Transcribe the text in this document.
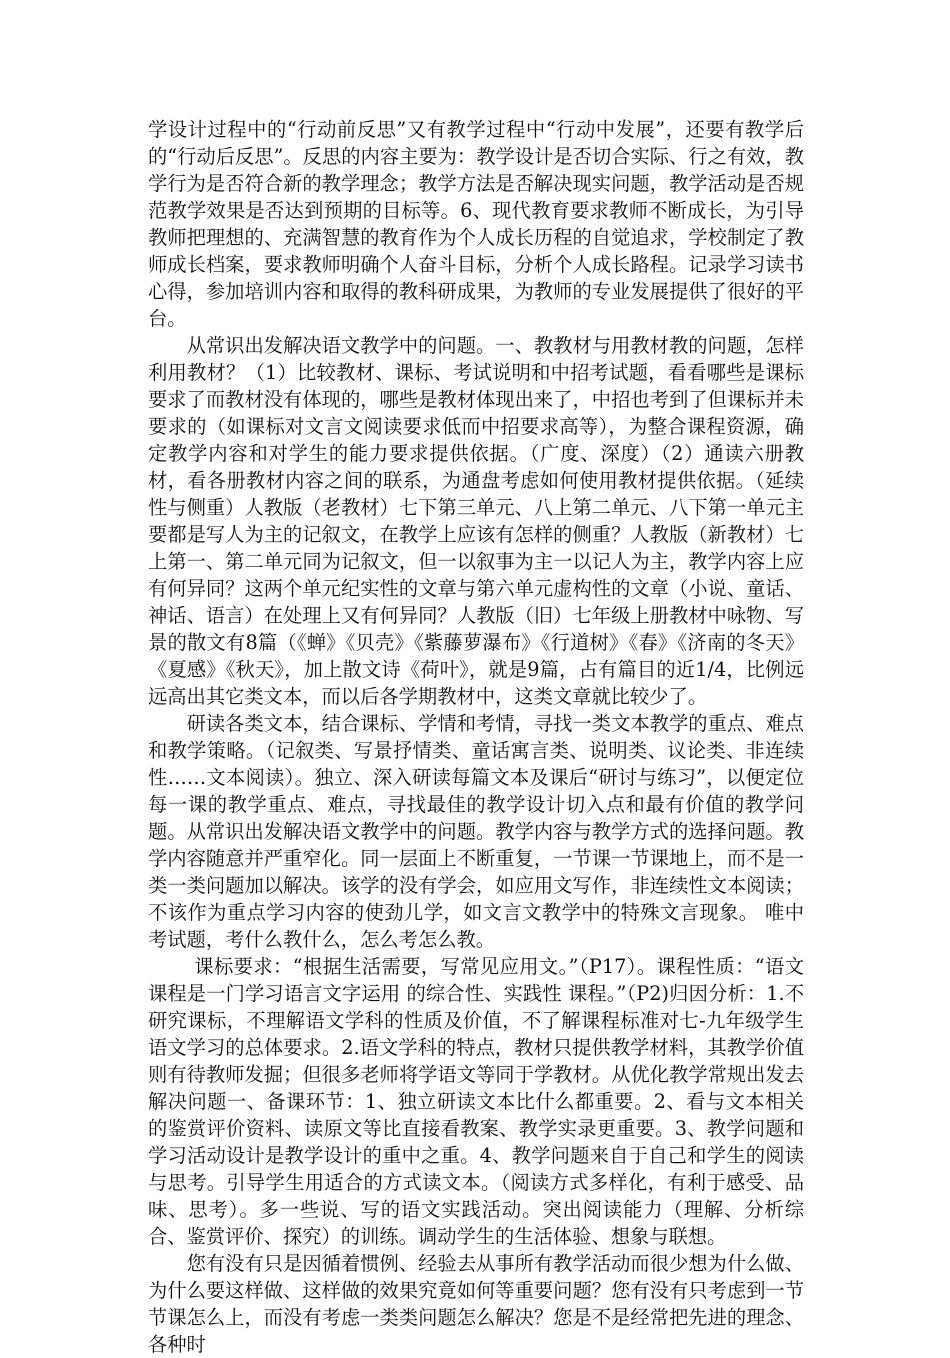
学设计过程中的“行动前反思”又有教学过程中“行动中发展”，还要有教学后的“行动后反思”。反思的内容主要为：教学设计是否切合实际、行之有效，教学行为是否符合新的教学理念；教学方法是否解决现实问题，教学活动是否规范教学效果是否达到预期的目标等。6、现代教育要求教师不断成长，为引导教师把理想的、充满智慧的教育作为个人成长历程的自觉追求，学校制定了教师成长档案，要求教师明确个人奋斗目标，分析个人成长路程。记录学习读书心得，参加培训内容和取得的教科研成果，为教师的专业发展提供了很好的平台。

从常识出发解决语文教学中的问题。一、教教材与用教材教的问题，怎样利用教材？（1）比较教材、课标、考试说明和中招考试题，看看哪些是课标要求了而教材没有体现的，哪些是教材体现出来了，中招也考到了但课标并未要求的（如课标对文言文阅读要求低而中招要求高等），为整合课程资源，确定教学内容和对学生的能力要求提供依据。（广度、深度）（2）通读六册教材，看各册教材内容之间的联系，为通盘考虑如何使用教材提供依据。（延续性与侧重）人教版（老教材）七下第三单元、八上第二单元、八下第一单元主要都是写人为主的记叙文，在教学上应该有怎样的侧重？人教版（新教材）七上第一、第二单元同为记叙文，但一以叙事为主一以记人为主，教学内容上应有何异同？这两个单元纪实性的文章与第六单元虚构性的文章（小说、童话、神话、语言）在处理上又有何异同？人教版（旧）七年级上册教材中咏物、写景的散文有8篇（《蝉》《贝壳》《紫藤萝瀑布》《行道树》《春》《济南的冬天》《夏感》《秋天》，加上散文诗《荷叶》，就是9篇，占有篇目的近1/4，比例远远高出其它类文本，而以后各学期教材中，这类文章就比较少了。

研读各类文本，结合课标、学情和考情，寻找一类文本教学的重点、难点和教学策略。（记叙类、写景抒情类、童话寓言类、说明类、议论类、非连续性……文本阅读）。独立、深入研读每篇文本及课后“研讨与练习”，以便定位每一课的教学重点、难点，寻找最佳的教学设计切入点和最有价值的教学问题。从常识出发解决语文教学中的问题。教学内容与教学方式的选择问题。教学内容随意并严重窄化。同一层面上不断重复，一节课一节课地上，而不是一类一类问题加以解决。该学的没有学会，如应用文写作，非连续性文本阅读；不该作为重点学习内容的使劲儿学，如文言文教学中的特殊文言现象。 唯中考试题，考什么教什么，怎么考怎么教。

课标要求：“根据生活需要，写常见应用文。”（P17）。课程性质：“语文课程是一门学习语言文字运用 的综合性、实践性 课程。”（P2)归因分析：1.不研究课标，不理解语文学科的性质及价值，不了解课程标准对七-九年级学生语文学习的总体要求。2.语文学科的特点，教材只提供教学材料，其教学价值则有待教师发掘；但很多老师将学语文等同于学教材。从优化教学常规出发去解决问题一、备课环节：1、独立研读文本比什么都重要。2、看与文本相关的鉴赏评价资料、读原文等比直接看教案、教学实录更重要。3、教学问题和学习活动设计是教学设计的重中之重。4、教学问题来自于自己和学生的阅读与思考。引导学生用适合的方式读文本。（阅读方式多样化，有利于感受、品味、思考）。多一些说、写的语文实践活动。突出阅读能力（理解、分析综合、鉴赏评价、探究）的训练。调动学生的生活体验、想象与联想。

您有没有只是因循着惯例、经验去从事所有教学活动而很少想为什么做、为什么要这样做、这样做的效果究竟如何等重要问题？您有没有只考虑到一节节课怎么上，而没有考虑一类类问题怎么解决？您是不是经常把先进的理念、各种时
